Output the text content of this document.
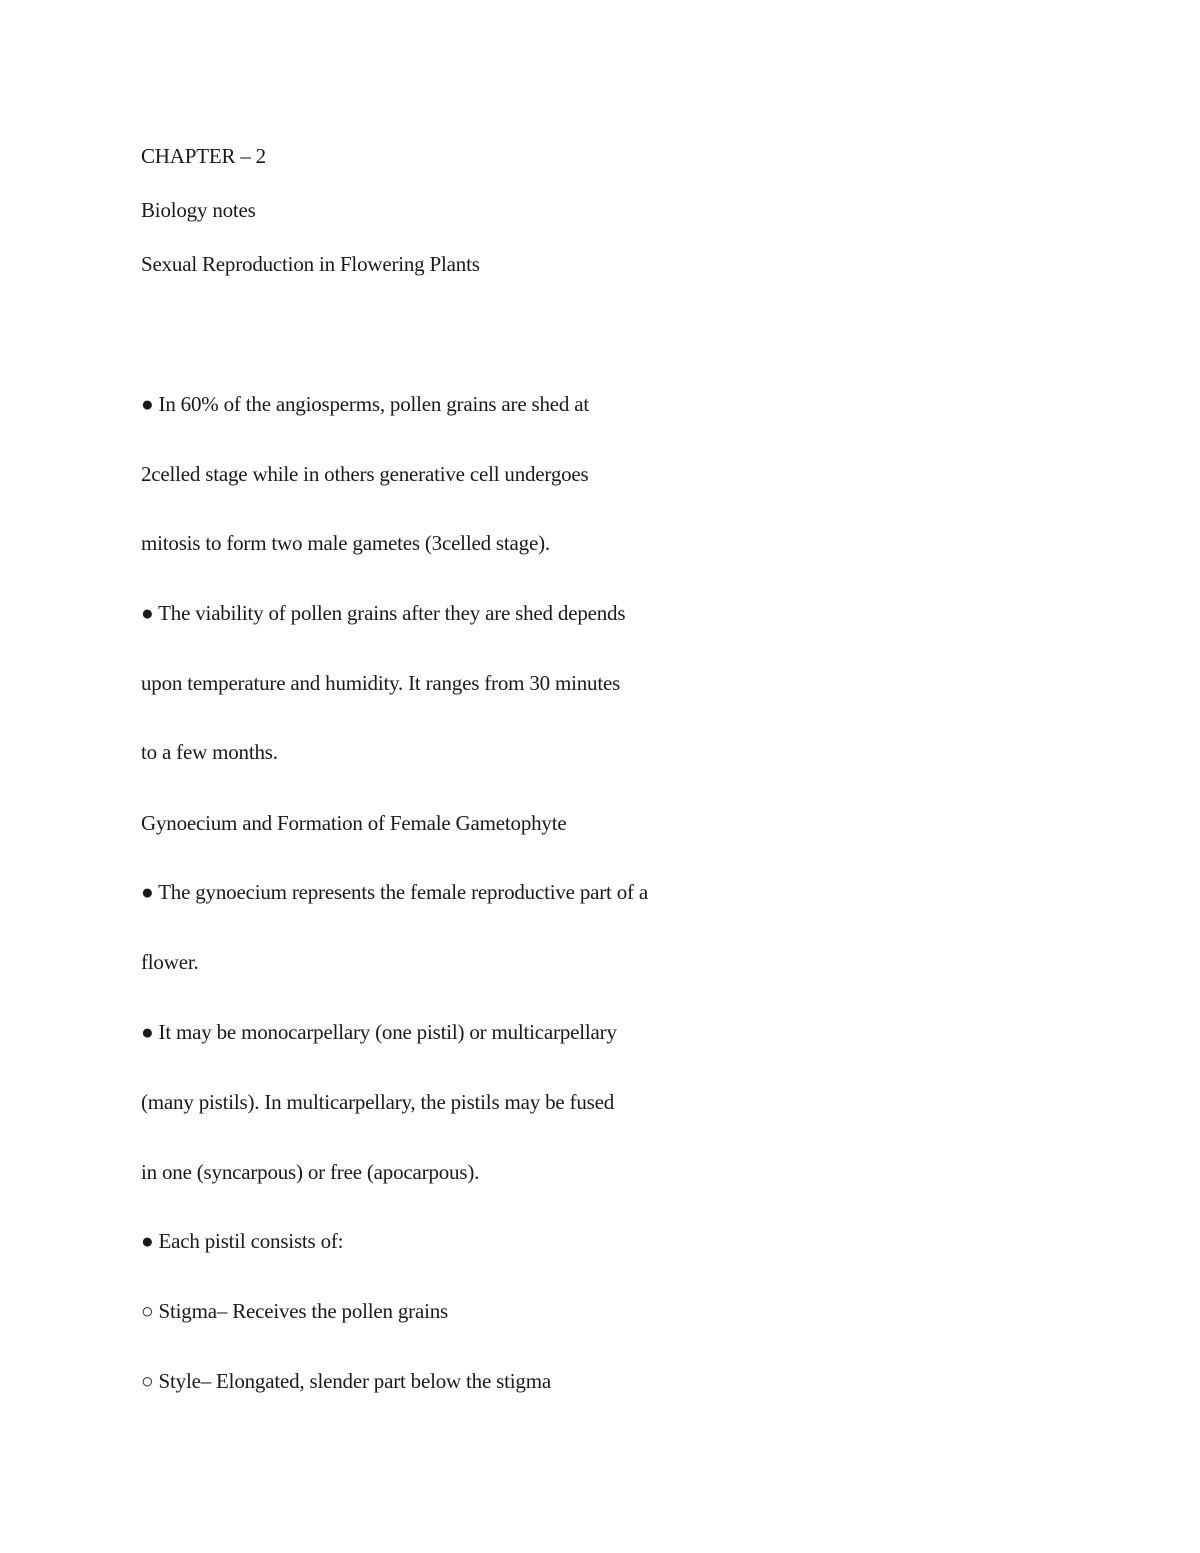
CHAPTER – 2
Biology notes
Sexual Reproduction in Flowering Plants
● In 60% of the angiosperms, pollen grains are shed at
2celled stage while in others generative cell undergoes
mitosis to form two male gametes (3celled stage).
● The viability of pollen grains after they are shed depends
upon temperature and humidity. It ranges from 30 minutes
to a few months.
Gynoecium and Formation of Female Gametophyte
● The gynoecium represents the female reproductive part of a
flower.
● It may be monocarpellary (one pistil) or multicarpellary
(many pistils). In multicarpellary, the pistils may be fused
in one (syncarpous) or free (apocarpous).
● Each pistil consists of:
○ Stigma– Receives the pollen grains
○ Style– Elongated, slender part below the stigma
